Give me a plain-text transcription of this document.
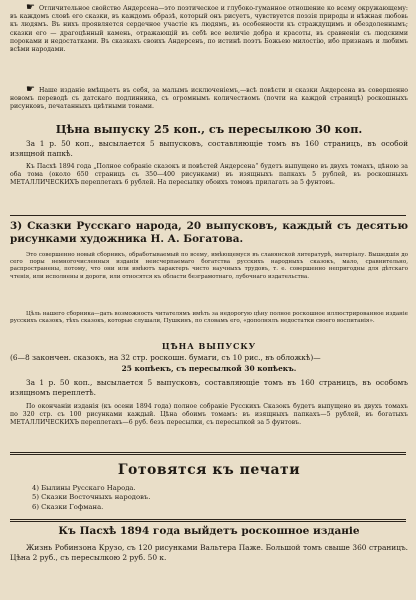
☛ Отличительное свойство Андерсена—это поэтическое и глубоко-гуманное отношение ко всему окружающему: въ каждомъ словѣ его сказки, въ каждомъ образѣ, который онъ рисуетъ, чувствуется поэзія природы и нѣжная любовь къ людямъ. Въ нихъ проявляется сердечное участіе къ людямъ, въ особенности къ страждущимъ и обездоленнымъ; сказки его — драгоцѣнный камень, отражающій въ себѣ все величіе добра и красоты, въ сравненіи съ людскими пороками и недостатками. Въ сказкахъ своихъ Андерсенъ, по истинѣ поэтъ Божьею милостію, ибо признанъ и любимъ всѣми народами.

☛ Наше изданіе вмѣщаетъ въ себя, за малымъ исключеніемъ,—всѣ повѣсти и сказки Андерсена въ совершенно новомъ переводѣ съ датскаго подлинника, съ огромнымъ количествомъ (почти на каждой страницѣ) роскошныхъ рисунковъ, печатанныхъ цвѣтными тонами.

Цѣна выпуску 25 коп., съ пересылкою 30 коп.

За 1 р. 50 коп., высылается 5 выпусковъ, составляющіе томъ въ 160 страницъ, въ особой изящной папкѣ.

Къ Пасхѣ 1894 года „Полное собраніе сказокъ и повѣстей Андерсена“ будетъ выпущено въ двухъ томахъ, цѣною за оба тома (около 650 страницъ съ 350—400 рисунками) въ изящныхъ папкахъ 5 рублей, въ роскошныхъ МЕТАЛЛИЧЕСКИХЪ переплетахъ 6 рублей. На пересылку обоихъ томовъ прилагать за 5 фунтовъ.

3) Сказки Русскаго народа, 20 выпусковъ, каждый съ десятью рисунками художника Н. А. Богатова.

Это совершенно новый сборникъ, обработываемый по всему, имѣющемуся въ славянской литературѣ, матеріалу. Вышедшія до сего поры немногочисленныя изданія неисчерпаемаго богатства русскихъ народныхъ сказокъ, мало, сравнительно, распространены, потому, что они или имѣютъ характеръ чисто научныхъ трудовъ, т. е. совершенно непригодны для дѣтскаго чтенія, или исполнены и дороги, или относятся къ области безграмотнаго, лубочнаго издательства.

Цѣль нашего сборника—дать возможность читателямъ имѣть за недорогую цѣну полное роскошное иллюстрированное изданіе русскихъ сказокъ, тѣхъ сказокъ, которые слушали, Пушкинъ, по словамъ его, «дополнялъ недостатки своего воспитанія».

ЦѢНА ВЫПУСКУ

(6—8 закончен. сказокъ, на 32 стр. роскошн. бумаги, съ 10 рис., въ обложкѣ)—

25 копѣекъ, съ пересылкой 30 копѣекъ.

За 1 р. 50 коп., высылается 5 выпусковъ, составляющіе томъ въ 160 страницъ, въ особомъ изящномъ переплетѣ.

По окончаніи изданія (къ осени 1894 года) полное собраніе Русскихъ Сказокъ будетъ выпущено въ двухъ томахъ по 320 стр. съ 100 рисунками каждый. Цѣна обоимъ томамъ: въ изящныхъ папкахъ—5 рублей, въ богатыхъ МЕТАЛЛИЧЕСКИХЪ переплетахъ—6 руб. безъ пересылки, съ пересылкой за 5 фунтовъ.

Готовятся къ печати
4) Былины Русскаго Народа.
5) Сказки Восточныхъ народовъ.
6) Сказки Гофмана.
Къ Пасхѣ 1894 года выйдетъ роскошное изданіе

Жизнь Робинзона Крузо, съ 120 рисунками Вальтера Паже. Большой томъ свыше 360 страницъ. Цѣна 2 руб., съ пересылкою 2 руб. 50 к.
